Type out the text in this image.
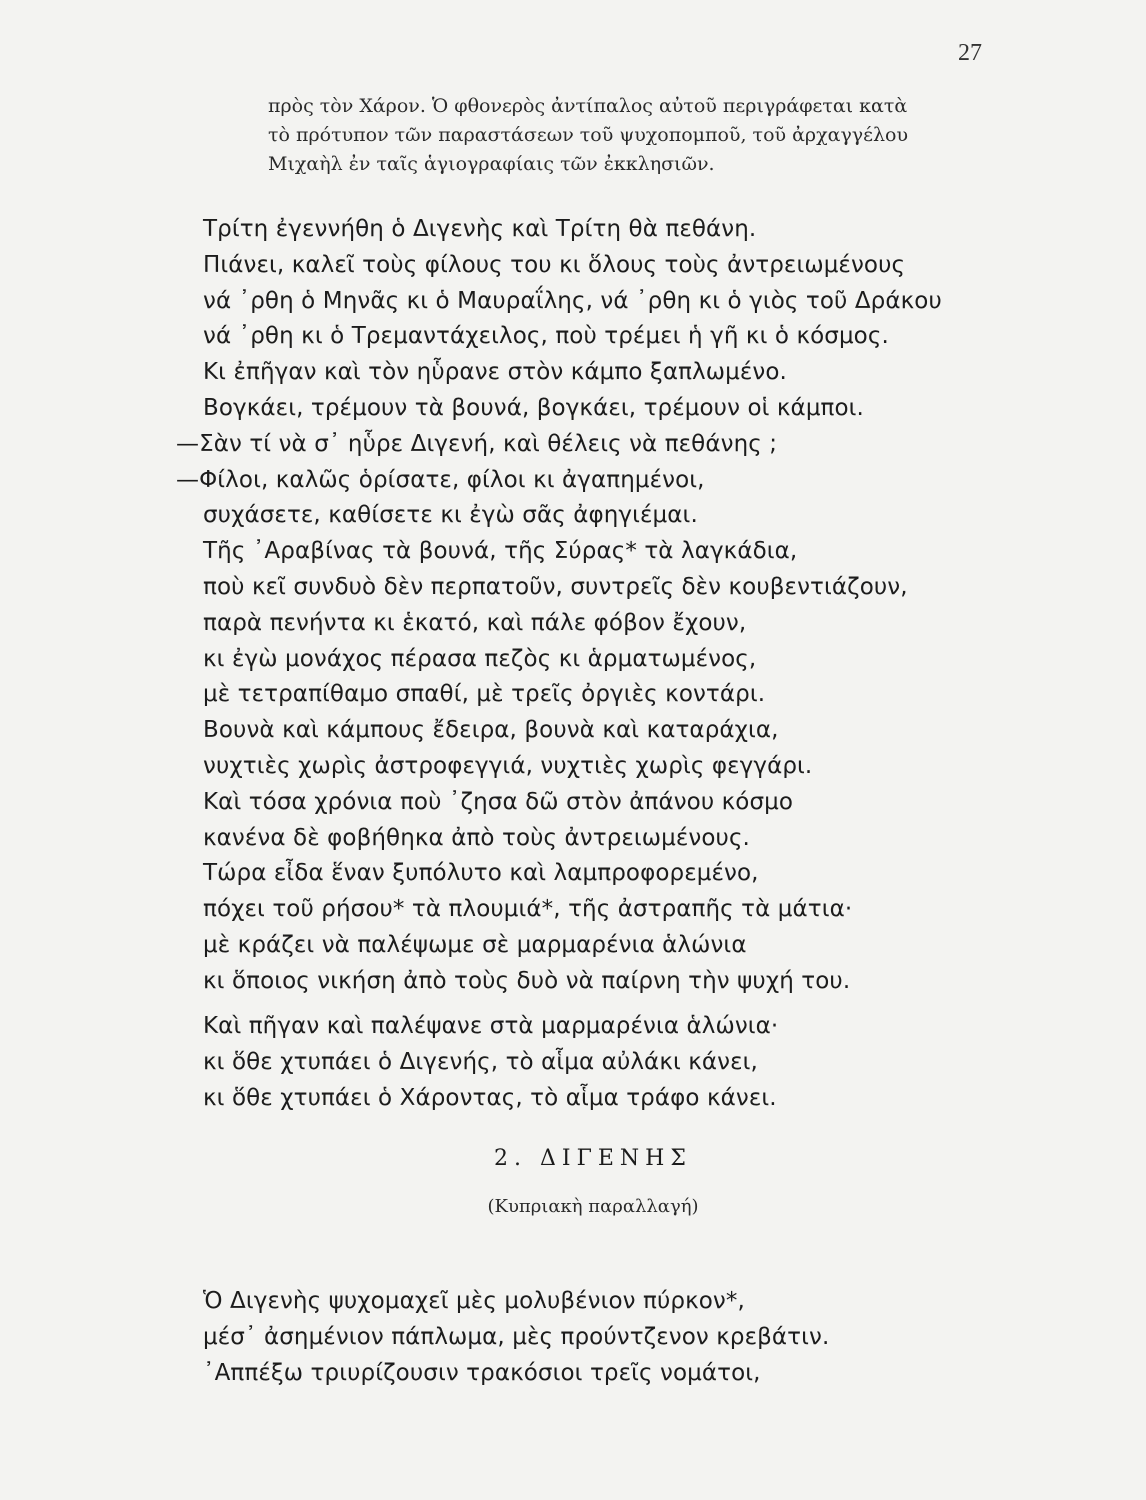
27
πρὸς τὸν Χάρον. Ὁ φθονερὸς ἀντίπαλος αὐτοῦ περιγράφεται κατὰ
τὸ πρότυπον τῶν παραστάσεων τοῦ ψυχοπομποῦ, τοῦ ἀρχαγγέλου
Μιχαὴλ ἐν ταῖς ἁγιογραφίαις τῶν ἐκκλησιῶν.
Τρίτη ἐγεννήθη ὁ Διγενὴς καὶ Τρίτη θὰ πεθάνη.
Πιάνει, καλεῖ τοὺς φίλους του κι ὅλους τοὺς ἀντρειωμένους
νά ᾽ρθη ὁ Μηνᾶς κι ὁ Μαυραΐλης, νά ᾽ρθη κι ὁ γιὸς τοῦ Δράκου
νά ᾽ρθη κι ὁ Τρεμαντάχειλος, ποὺ τρέμει ἡ γῆ κι ὁ κόσμος.
Κι ἐπῆγαν καὶ τὸν ηὗρανε στὸν κάμπο ξαπλωμένο.
Βογκάει, τρέμουν τὰ βουνά, βογκάει, τρέμουν οἱ κάμποι.
—Σὰν τί νὰ σ᾽ ηὗρε Διγενή, καὶ θέλεις νὰ πεθάνης ;
—Φίλοι, καλῶς ὁρίσατε, φίλοι κι ἀγαπημένοι,
συχάσετε, καθίσετε κι ἐγὼ σᾶς ἀφηγιέμαι.
Τῆς ᾽Αραβίνας τὰ βουνά, τῆς Σύρας* τὰ λαγκάδια,
ποὺ κεῖ συνδυὸ δὲν περπατοῦν, συντρεῖς δὲν κουβεντιάζουν,
παρὰ πενήντα κι ἑκατό, καὶ πάλε φόβον ἔχουν,
κι ἐγὼ μονάχος πέρασα πεζὸς κι ἁρματωμένος,
μὲ τετραπίθαμο σπαθί, μὲ τρεῖς ὀργιὲς κοντάρι.
Βουνὰ καὶ κάμπους ἔδειρα, βουνὰ καὶ καταράχια,
νυχτιὲς χωρὶς ἀστροφεγγιά, νυχτιὲς χωρὶς φεγγάρι.
Καὶ τόσα χρόνια ποὺ ᾽ζησα δῶ στὸν ἀπάνου κόσμο
κανένα δὲ φοβήθηκα ἀπὸ τοὺς ἀντρειωμένους.
Τώρα εἶδα ἕναν ξυπόλυτο καὶ λαμπροφορεμένο,
πόχει τοῦ ρήσου* τὰ πλουμιά*, τῆς ἀστραπῆς τὰ μάτια·
μὲ κράζει νὰ παλέψωμε σὲ μαρμαρένια ἁλώνια
κι ὅποιος νικήση ἀπὸ τοὺς δυὸ νὰ παίρνη τὴν ψυχή του.
Καὶ πῆγαν καὶ παλέψανε στὰ μαρμαρένια ἁλώνια·
κι ὅθε χτυπάει ὁ Διγενής, τὸ αἷμα αὐλάκι κάνει,
κι ὅθε χτυπάει ὁ Χάροντας, τὸ αἷμα τράφο κάνει.
2. ΔΙΓΕΝΗΣ
(Κυπριακὴ παραλλαγή)
Ὁ Διγενὴς ψυχομαχεῖ μὲς μολυβένιον πύρκον*,
μέσ᾽ ἀσημένιον πάπλωμα, μὲς προύντζενον κρεβάτιν.
᾽Αππέξω τριυρίζουσιν τρακόσιοι τρεῖς νομάτοι,
